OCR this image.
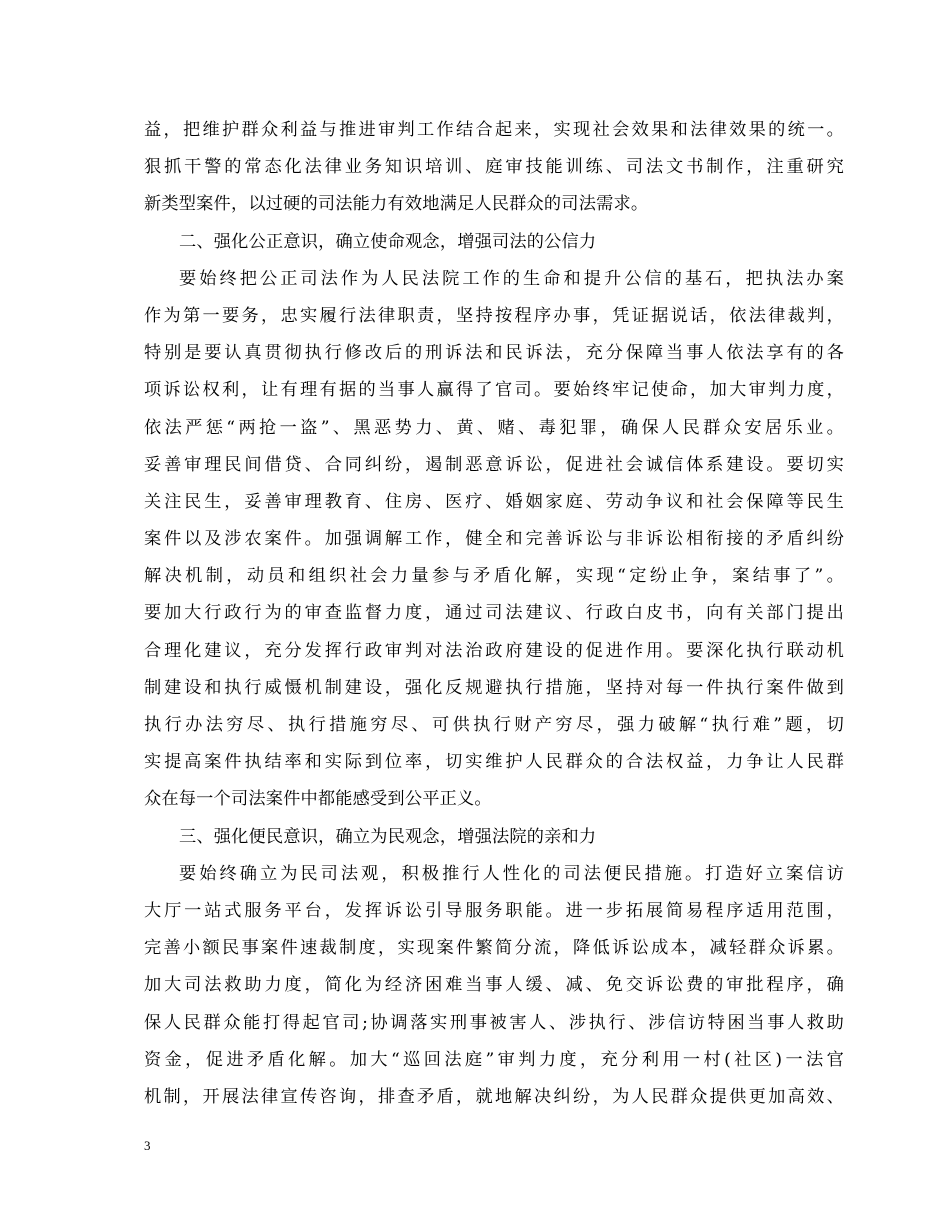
益，把维护群众利益与推进审判工作结合起来，实现社会效果和法律效果的统一。
狠抓干警的常态化法律业务知识培训、庭审技能训练、司法文书制作，注重研究
新类型案件，以过硬的司法能力有效地满足人民群众的司法需求。
二、强化公正意识，确立使命观念，增强司法的公信力
要始终把公正司法作为人民法院工作的生命和提升公信的基石，把执法办案
作为第一要务，忠实履行法律职责，坚持按程序办事，凭证据说话，依法律裁判，
特别是要认真贯彻执行修改后的刑诉法和民诉法，充分保障当事人依法享有的各
项诉讼权利，让有理有据的当事人赢得了官司。要始终牢记使命，加大审判力度，
依法严惩“两抢一盗”、黑恶势力、黄、赌、毒犯罪，确保人民群众安居乐业。
妥善审理民间借贷、合同纠纷，遏制恶意诉讼，促进社会诚信体系建设。要切实
关注民生，妥善审理教育、住房、医疗、婚姻家庭、劳动争议和社会保障等民生
案件以及涉农案件。加强调解工作，健全和完善诉讼与非诉讼相衔接的矛盾纠纷
解决机制，动员和组织社会力量参与矛盾化解，实现“定纷止争，案结事了”。
要加大行政行为的审查监督力度，通过司法建议、行政白皮书，向有关部门提出
合理化建议，充分发挥行政审判对法治政府建设的促进作用。要深化执行联动机
制建设和执行威慑机制建设，强化反规避执行措施，坚持对每一件执行案件做到
执行办法穷尽、执行措施穷尽、可供执行财产穷尽，强力破解“执行难”题，切
实提高案件执结率和实际到位率，切实维护人民群众的合法权益，力争让人民群
众在每一个司法案件中都能感受到公平正义。
三、强化便民意识，确立为民观念，增强法院的亲和力
要始终确立为民司法观，积极推行人性化的司法便民措施。打造好立案信访
大厅一站式服务平台，发挥诉讼引导服务职能。进一步拓展简易程序适用范围，
完善小额民事案件速裁制度，实现案件繁简分流，降低诉讼成本，减轻群众诉累。
加大司法救助力度，简化为经济困难当事人缓、减、免交诉讼费的审批程序，确
保人民群众能打得起官司;协调落实刑事被害人、涉执行、涉信访特困当事人救助
资金，促进矛盾化解。加大“巡回法庭”审判力度，充分利用一村(社区)一法官
机制，开展法律宣传咨询，排查矛盾，就地解决纠纷，为人民群众提供更加高效、
3
